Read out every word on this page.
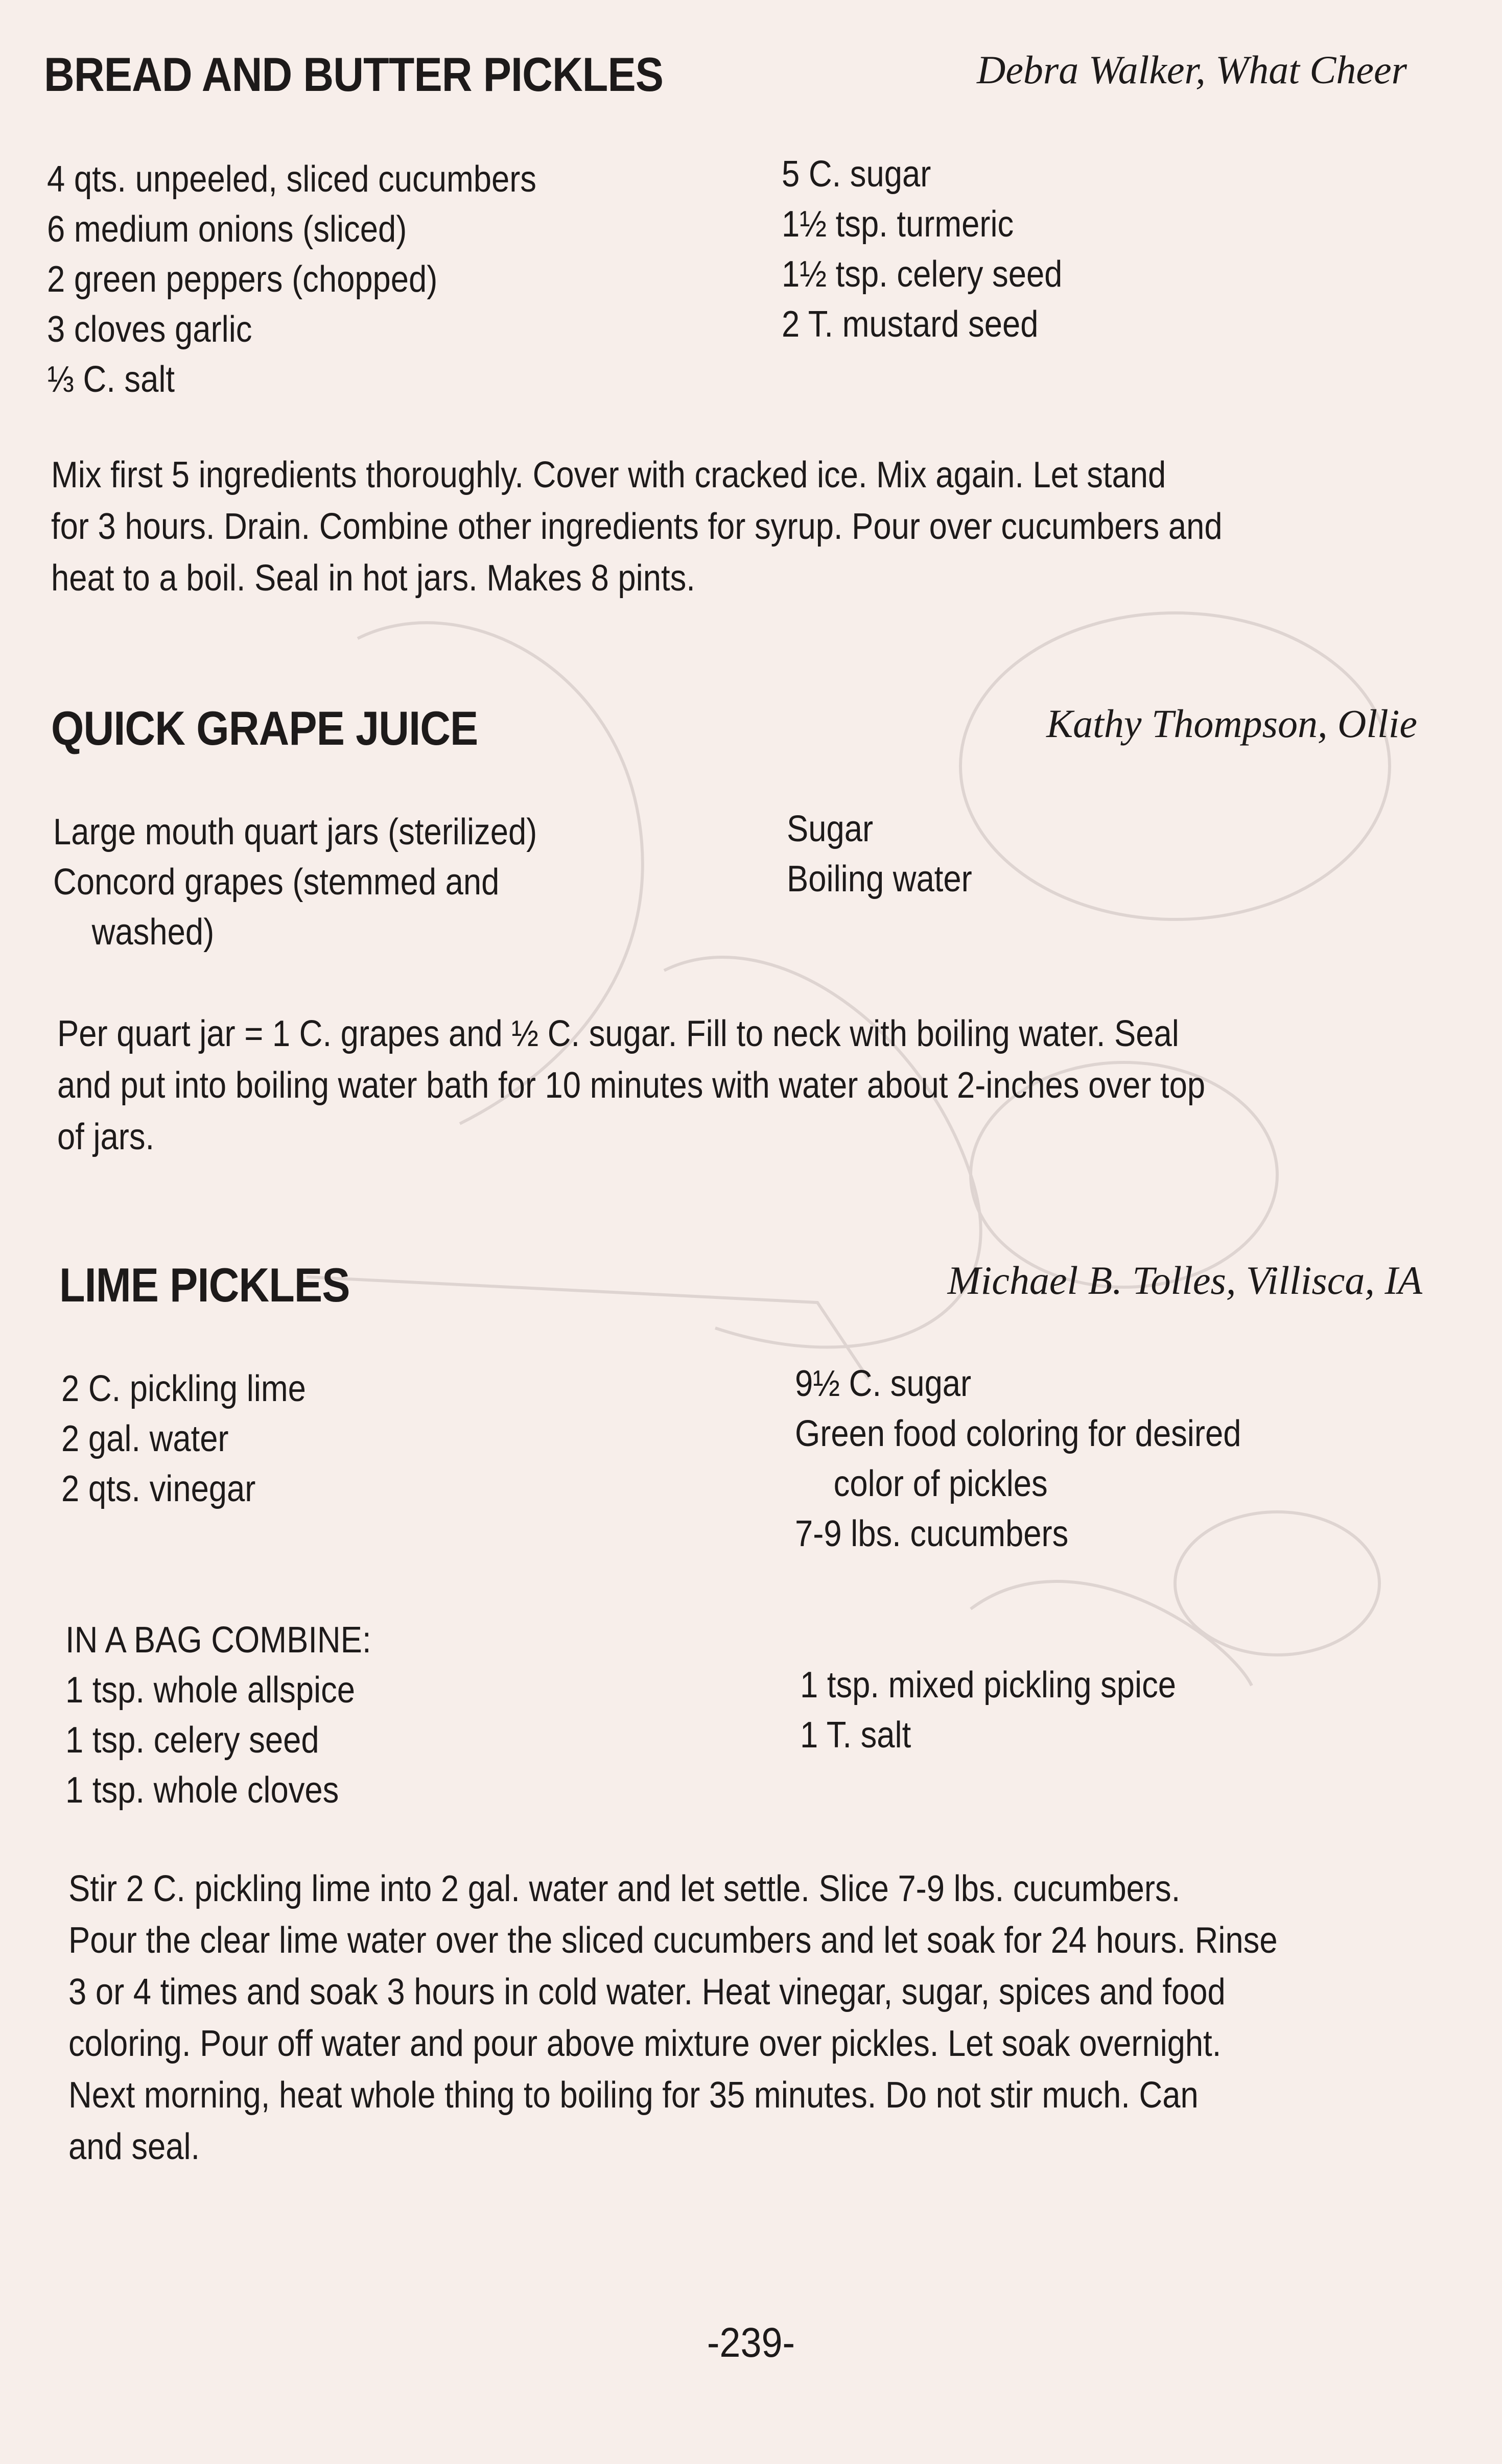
BREAD AND BUTTER PICKLES	Debra Walker, What Cheer
4 qts. unpeeled, sliced cucumbers
6 medium onions (sliced)
2 green peppers (chopped)
3 cloves garlic
⅓ C. salt
5 C. sugar
1½ tsp. turmeric
1½ tsp. celery seed
2 T. mustard seed
Mix first 5 ingredients thoroughly. Cover with cracked ice. Mix again. Let stand
for 3 hours. Drain. Combine other ingredients for syrup. Pour over cucumbers and
heat to a boil. Seal in hot jars. Makes 8 pints.
QUICK GRAPE JUICE	Kathy Thompson, Ollie
Large mouth quart jars (sterilized)
Concord grapes (stemmed and
washed)
Sugar
Boiling water
Per quart jar = 1 C. grapes and ½ C. sugar. Fill to neck with boiling water. Seal
and put into boiling water bath for 10 minutes with water about 2-inches over top
of jars.
LIME PICKLES	Michael B. Tolles, Villisca, IA
2 C. pickling lime
2 gal. water
2 qts. vinegar
9½ C. sugar
Green food coloring for desired
color of pickles
7-9 lbs. cucumbers
IN A BAG COMBINE:
1 tsp. whole allspice
1 tsp. celery seed
1 tsp. whole cloves
1 tsp. mixed pickling spice
1 T. salt
Stir 2 C. pickling lime into 2 gal. water and let settle. Slice 7-9 lbs. cucumbers.
Pour the clear lime water over the sliced cucumbers and let soak for 24 hours. Rinse
3 or 4 times and soak 3 hours in cold water. Heat vinegar, sugar, spices and food
coloring. Pour off water and pour above mixture over pickles. Let soak overnight.
Next morning, heat whole thing to boiling for 35 minutes. Do not stir much. Can
and seal.
-239-
